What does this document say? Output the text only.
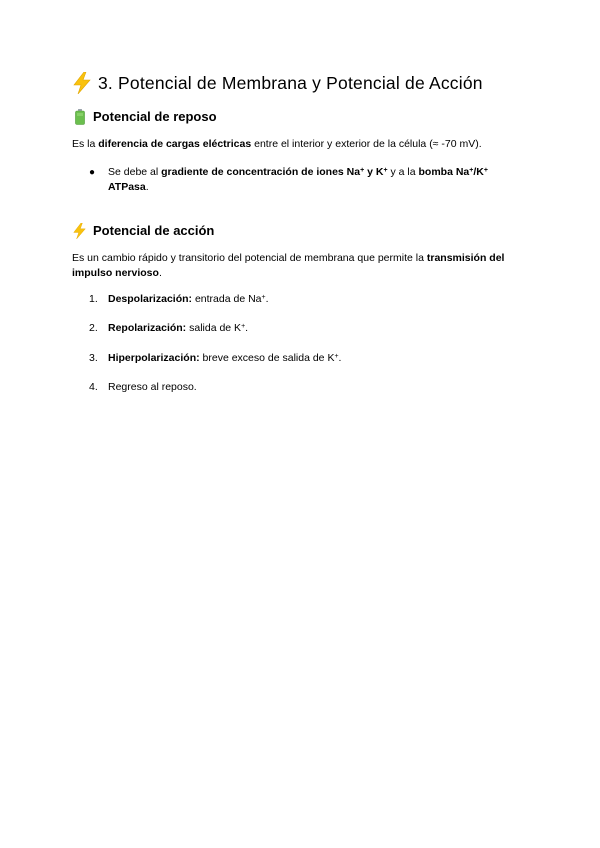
3. Potencial de Membrana y Potencial de Acción
Potencial de reposo
Es la diferencia de cargas eléctricas entre el interior y exterior de la célula (≈ -70 mV).
●	Se debe al gradiente de concentración de iones Na+ y K+ y a la bomba Na+/K+ ATPasa.
Potencial de acción
Es un cambio rápido y transitorio del potencial de membrana que permite la transmisión del impulso nervioso.
1. Despolarización: entrada de Na+.
2. Repolarización: salida de K+.
3. Hiperpolarización: breve exceso de salida de K+.
4. Regreso al reposo.
